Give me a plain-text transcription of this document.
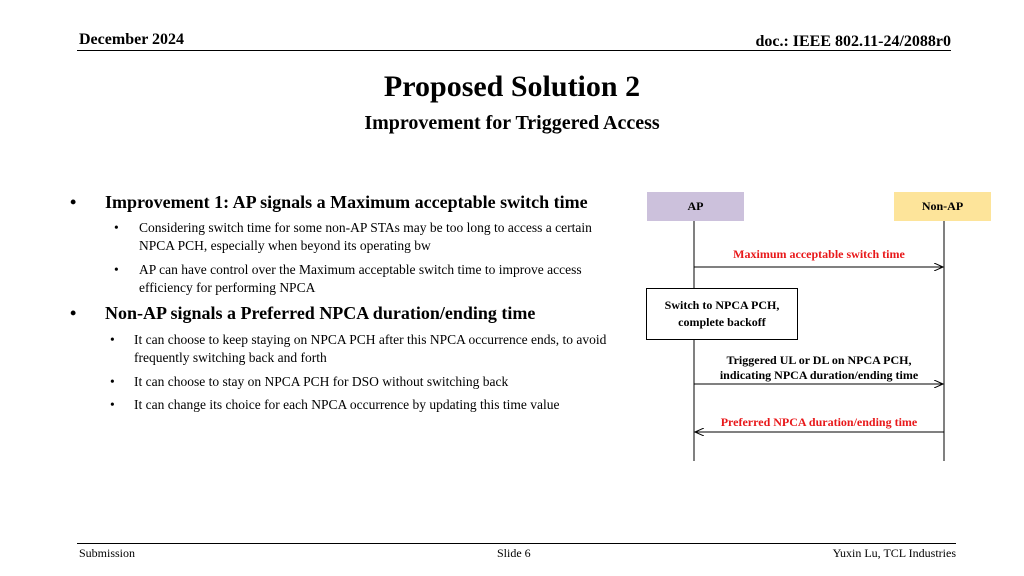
December 2024	doc.: IEEE 802.11-24/2088r0
Proposed Solution 2
Improvement for Triggered Access
• Improvement 1: AP signals a Maximum acceptable switch time
• Considering switch time for some non-AP STAs may be too long to access a certain NPCA PCH, especially when beyond its operating bw
• AP can have control over the Maximum acceptable switch time to improve access efficiency for performing NPCA
• Non-AP signals a Preferred NPCA duration/ending time
• It can choose to keep staying on NPCA PCH after this NPCA occurrence ends, to avoid frequently switching back and forth
• It can choose to stay on NPCA PCH for DSO without switching back
• It can change its choice for each NPCA occurrence by updating this time value
AP	Non-AP
Maximum acceptable switch time
Switch to NPCA PCH,
complete backoff
Triggered UL or DL on NPCA PCH,
indicating NPCA duration/ending time
Preferred NPCA duration/ending time
Submission	Slide 6	Yuxin Lu, TCL Industries
